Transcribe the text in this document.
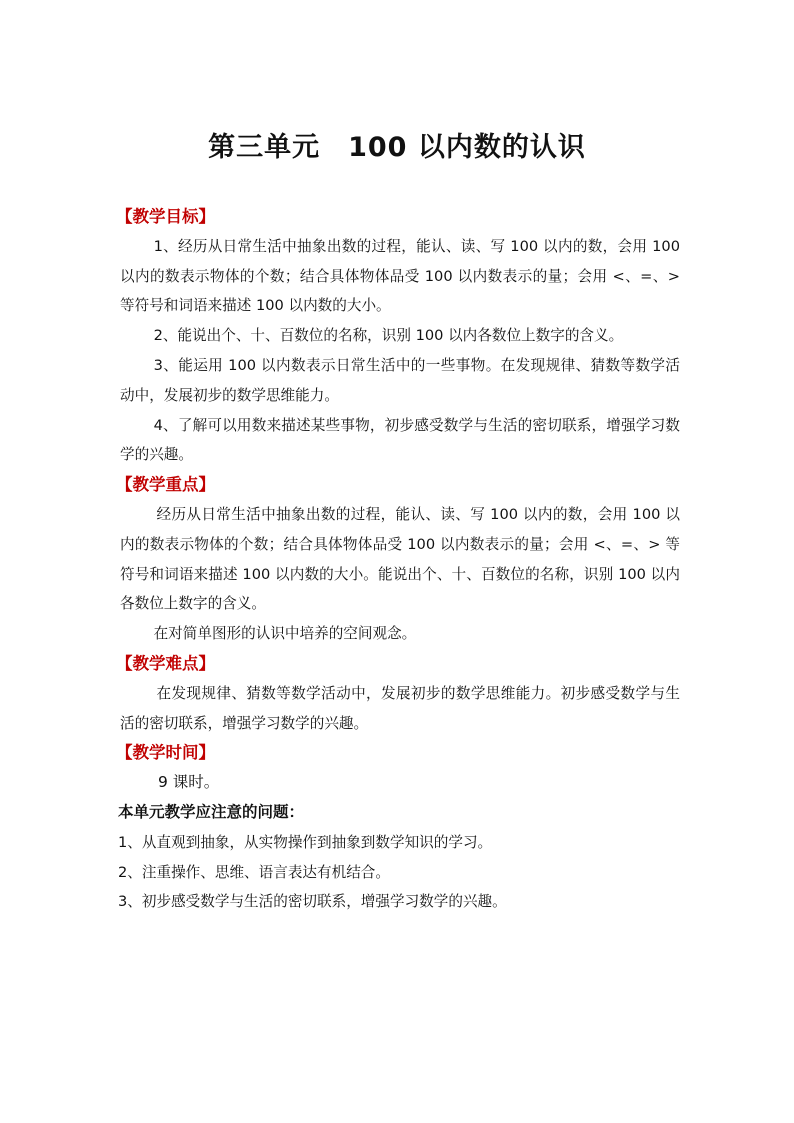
第三单元　100 以内数的认识
【教学目标】

1、经历从日常生活中抽象出数的过程，能认、读、写 100 以内的数，会用 100 以内的数表示物体的个数；结合具体物体品受 100 以内数表示的量；会用 <、=、> 等符号和词语来描述 100 以内数的大小。

2、能说出个、十、百数位的名称，识别 100 以内各数位上数字的含义。

3、能运用 100 以内数表示日常生活中的一些事物。在发现规律、猜数等数学活动中，发展初步的数学思维能力。

4、了解可以用数来描述某些事物，初步感受数学与生活的密切联系，增强学习数学的兴趣。

【教学重点】

经历从日常生活中抽象出数的过程，能认、读、写 100 以内的数，会用 100 以内的数表示物体的个数；结合具体物体品受 100 以内数表示的量；会用 <、=、> 等符号和词语来描述 100 以内数的大小。能说出个、十、百数位的名称，识别 100 以内各数位上数字的含义。

在对简单图形的认识中培养的空间观念。

【教学难点】

在发现规律、猜数等数学活动中，发展初步的数学思维能力。初步感受数学与生活的密切联系，增强学习数学的兴趣。

【教学时间】
9 课时。
本单元教学应注意的问题：

1、从直观到抽象，从实物操作到抽象到数学知识的学习。

2、注重操作、思维、语言表达有机结合。

3、初步感受数学与生活的密切联系，增强学习数学的兴趣。
